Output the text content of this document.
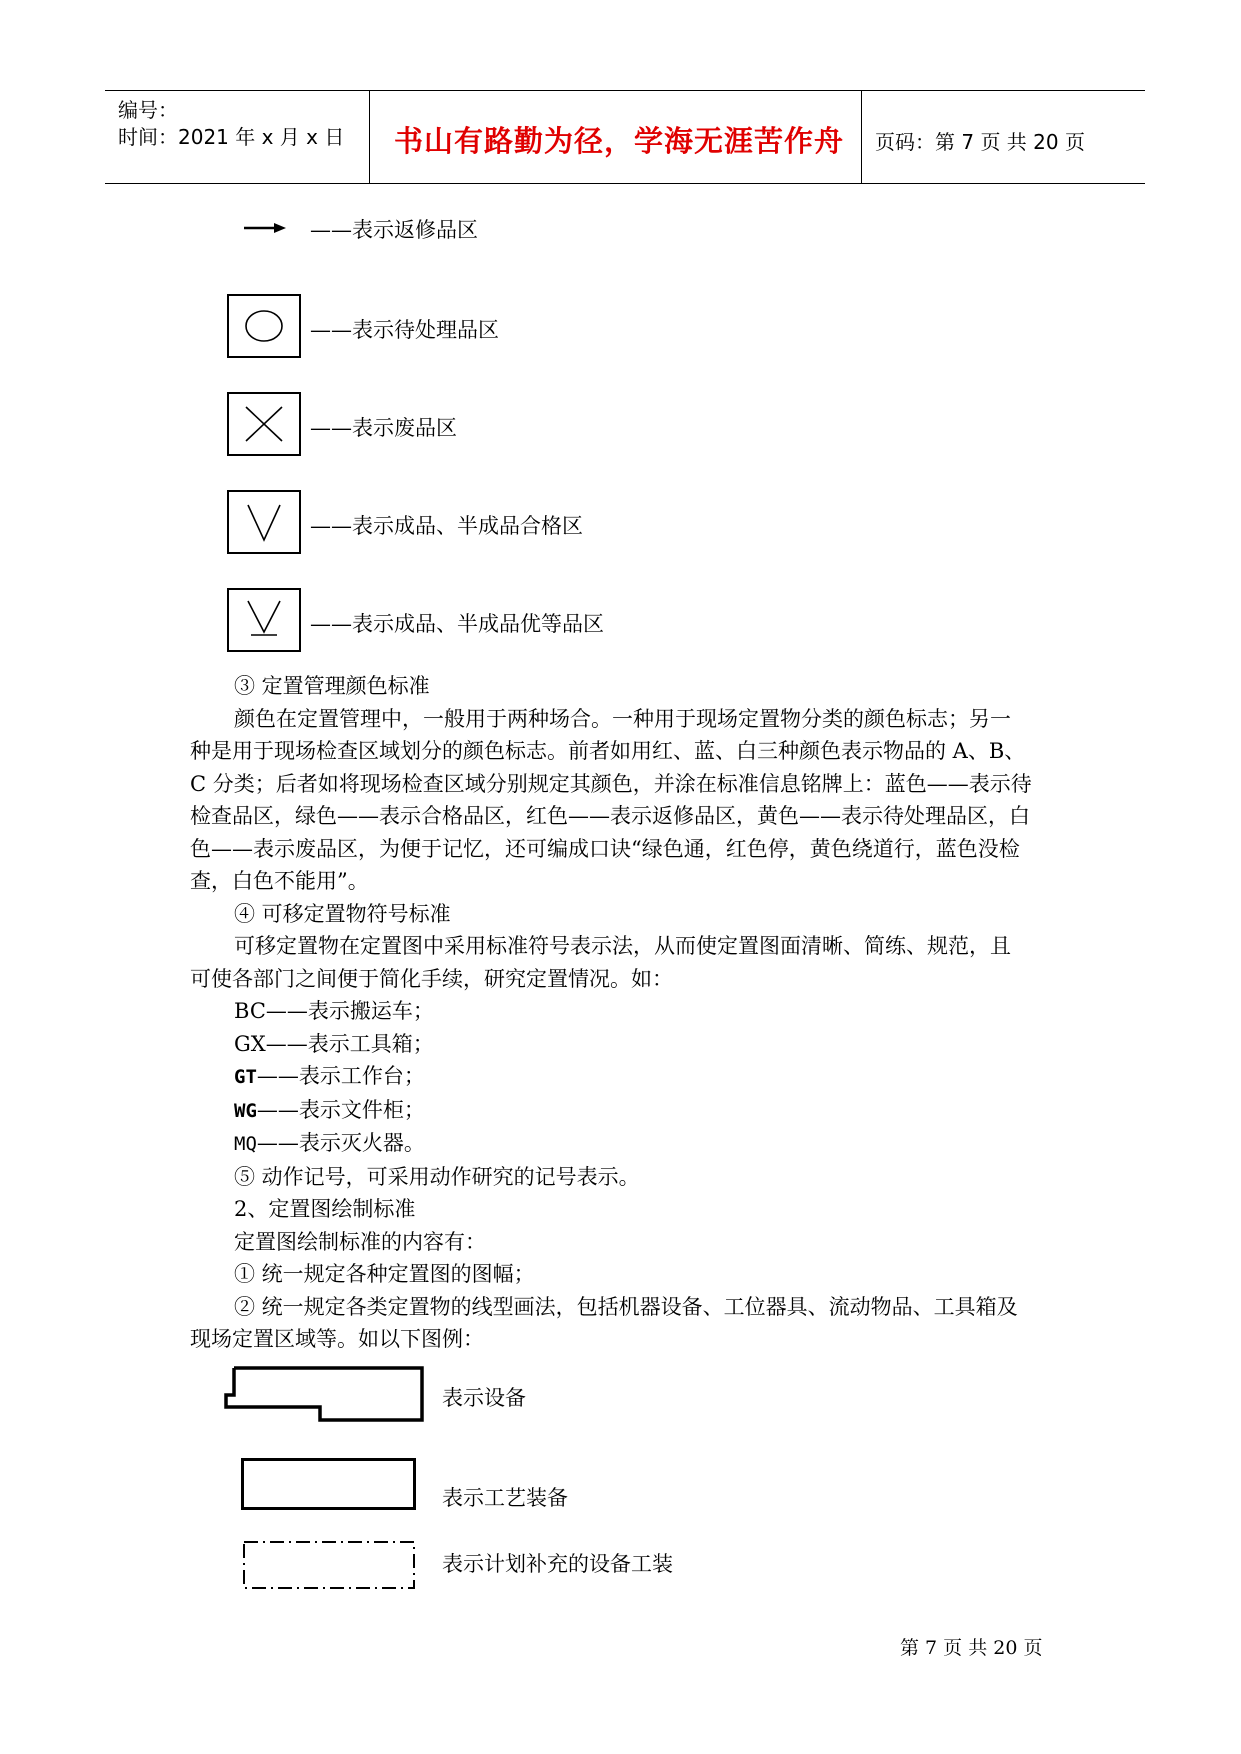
编号：
时间：2021 年 x 月 x 日 书山有路勤为径，学海无涯苦作舟 页码：第 7 页 共 20 页
——表示返修品区
——表示待处理品区
——表示废品区
——表示成品、半成品合格区
——表示成品、半成品优等品区
③ 定置管理颜色标准
颜色在定置管理中，一般用于两种场合。一种用于现场定置物分类的颜色标志；另一
种是用于现场检查区域划分的颜色标志。前者如用红、蓝、白三种颜色表示物品的 A、B、
C 分类；后者如将现场检查区域分别规定其颜色，并涂在标准信息铭牌上：蓝色——表示待
检查品区，绿色——表示合格品区，红色——表示返修品区，黄色——表示待处理品区，白
色——表示废品区，为便于记忆，还可编成口诀“绿色通，红色停，黄色绕道行，蓝色没检
查，白色不能用”。
④ 可移定置物符号标准
可移定置物在定置图中采用标准符号表示法，从而使定置图面清晰、简练、规范，且
可使各部门之间便于简化手续，研究定置情况。如：
BC——表示搬运车；
GX——表示工具箱；
GT——表示工作台；
WG——表示文件柜；
MQ——表示灭火器。
⑤ 动作记号，可采用动作研究的记号表示。
2、定置图绘制标准
定置图绘制标准的内容有：
① 统一规定各种定置图的图幅；
② 统一规定各类定置物的线型画法，包括机器设备、工位器具、流动物品、工具箱及
现场定置区域等。如以下图例：
表示设备
表示工艺装备
表示计划补充的设备工装
第 7 页 共 20 页
